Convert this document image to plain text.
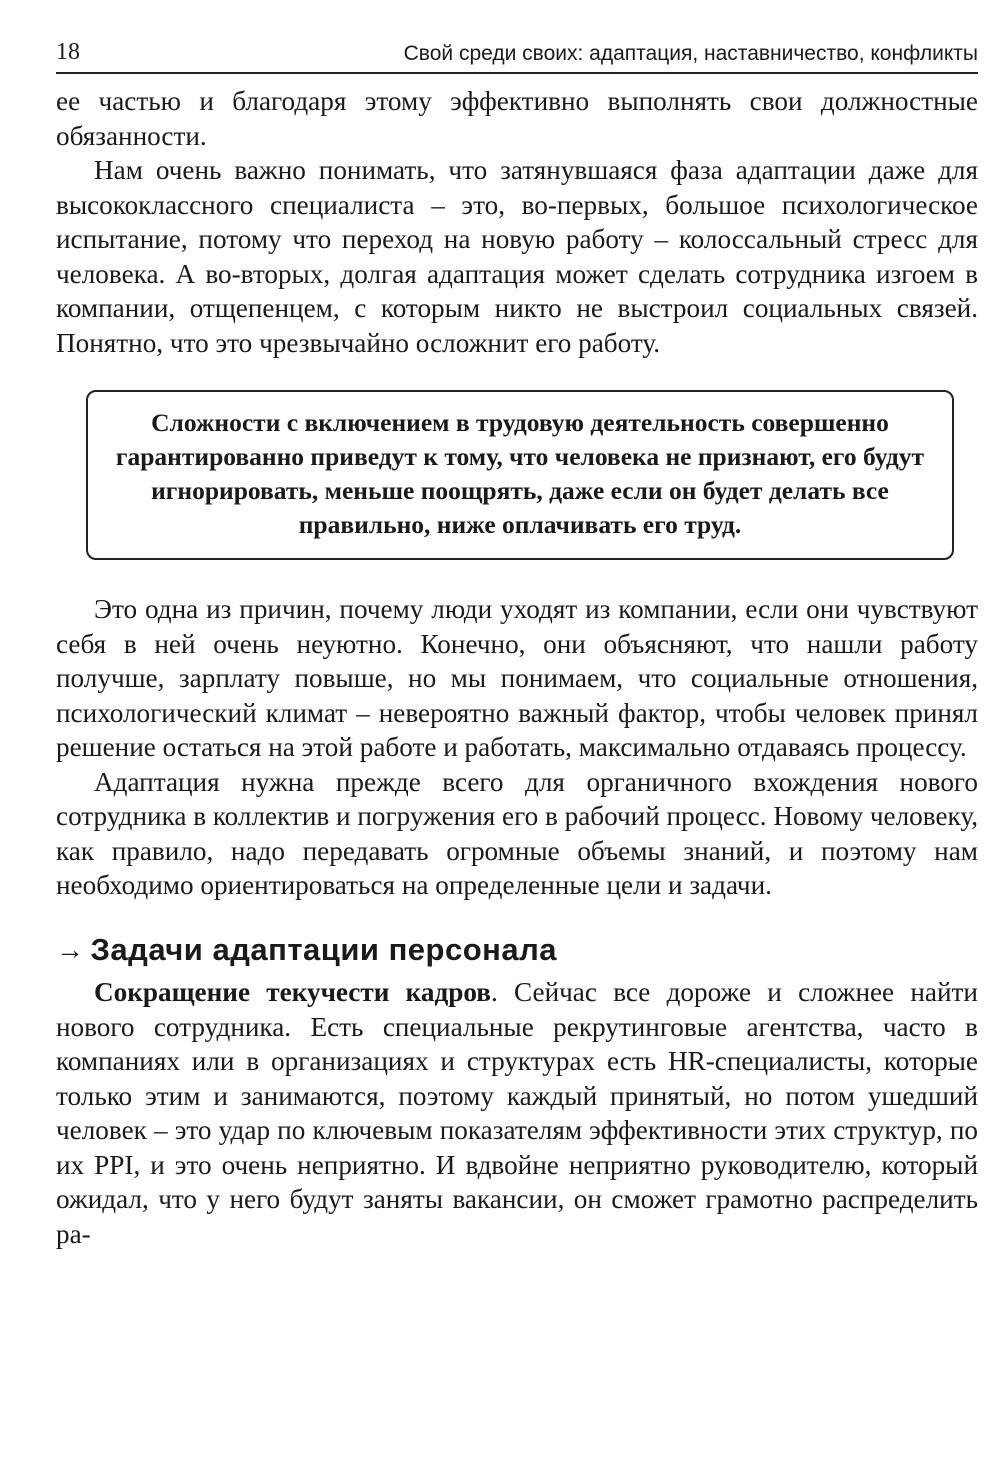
18	Свой среди своих: адаптация, наставничество, конфликты

ее частью и благодаря этому эффективно выполнять свои должностные обязанности.

Нам очень важно понимать, что затянувшаяся фаза адаптации даже для высококлассного специалиста – это, во-первых, большое психологическое испытание, потому что переход на новую работу – колоссальный стресс для человека. А во-вторых, долгая адаптация может сделать сотрудника изгоем в компании, отщепенцем, с которым никто не выстроил социальных связей. Понятно, что это чрезвычайно осложнит его работу.

Сложности с включением в трудовую деятельность совершенно гарантированно приведут к тому, что человека не признают, его будут игнорировать, меньше поощрять, даже если он будет делать все правильно, ниже оплачивать его труд.

Это одна из причин, почему люди уходят из компании, если они чувствуют себя в ней очень неуютно. Конечно, они объясняют, что нашли работу получше, зарплату повыше, но мы понимаем, что социальные отношения, психологический климат – невероятно важный фактор, чтобы человек принял решение остаться на этой работе и работать, максимально отдаваясь процессу.

Адаптация нужна прежде всего для органичного вхождения нового сотрудника в коллектив и погружения его в рабочий процесс. Новому человеку, как правило, надо передавать огромные объемы знаний, и поэтому нам необходимо ориентироваться на определенные цели и задачи.

→ Задачи адаптации персонала

Сокращение текучести кадров. Сейчас все дороже и сложнее найти нового сотрудника. Есть специальные рекрутинговые агентства, часто в компаниях или в организациях и структурах есть HR-специалисты, которые только этим и занимаются, поэтому каждый принятый, но потом ушедший человек – это удар по ключевым показателям эффективности этих структур, по их PPI, и это очень неприятно. И вдвойне неприятно руководителю, который ожидал, что у него будут заняты вакансии, он сможет грамотно распределить ра-
